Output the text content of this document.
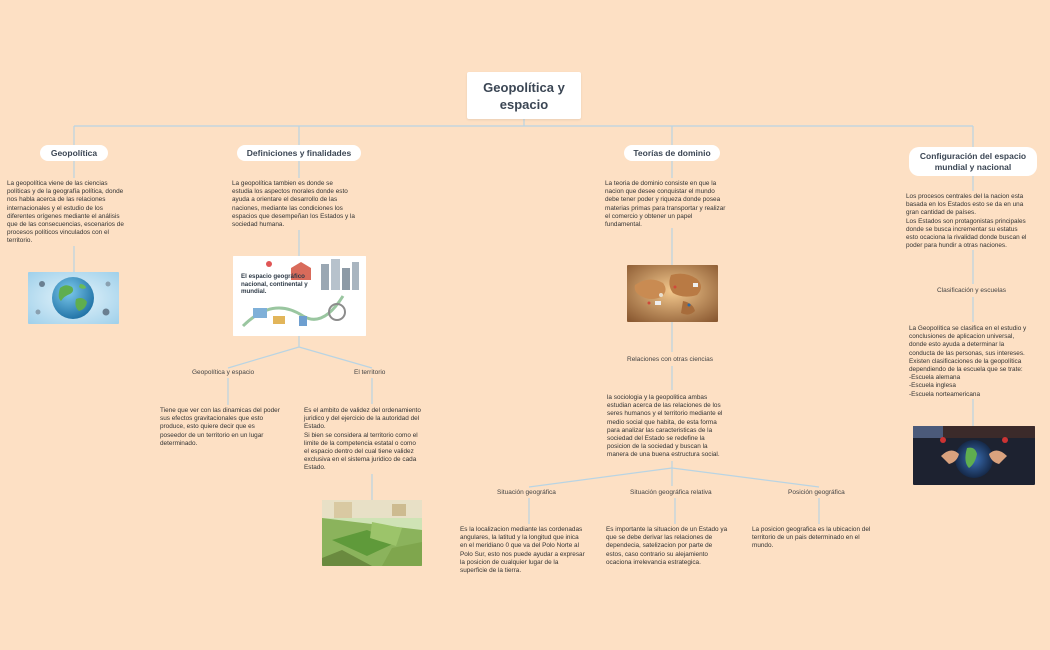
Geopolítica y espacio
Geopolítica
La geopolítica viene de las ciencias
políticas y de la geografía política, donde
nos habla acerca de las relaciones
internacionales y el estudio de los
diferentes orígenes mediante el análisis
que de las consecuencias, escenarios de
procesos políticos vinculados con el
territorio.
Definiciones y finalidades
La geopolítica tambien es donde se
estudia los aspectos morales donde esto
ayuda a orientare el desarrollo de las
naciones, mediante las condiciones los
espacios que desempeñan los Estados y la
sociedad humana.
El espacio geográfico
nacional, continental y
mundial.
Geopolítica y espacio	El territorio
Tiene que ver con las dinamicas del poder
sus efectos gravitacionales que esto
produce, esto quiere decir que es
poseedor de un territorio en un lugar
determinado.
Es el ambito de validez del ordenamiento
juridico y del ejercicio de la autoridad del
Estado.
Si bien se considera al territorio como el
limite de la competencia estatal o como
el espacio dentro del cual tiene validez
exclusiva en el sistema juridico de cada
Estado.
Teorías de dominio
La teoria de dominio consiste en que la
nacion que desee conquistar el mundo
debe tener poder y riqueza donde posea
materias primas para transportar y realizar
el comercio y obtener un papel
fundamental.
Relaciones con otras ciencias
la sociologia y la geopolitica ambas
estudian acerca de las relaciones de los
seres humanos y el territorio mediante el
medio social que habita, de esta forma
para analizar las caracteristicas de la
sociedad del Estado se redefine la
posicion de la sociedad y buscan la
manera de una buena estructura social.
Situación geográfica	Situación geográfica relativa	Posición geográfica
Es la localizacion mediante las cordenadas
angulares, la latitud y la longitud que inica
en el meridiano 0 que va del Polo Norte al
Polo Sur, esto nos puede ayudar a expresar
la posicion de cualquier lugar de la
superficie de la tierra.
Es importante la situacion de un Estado ya
que se debe derivar las relaciones de
dependecia, satelizacion por parte de
estos, caso contrario su alejamiento
ocaciona irrelevancia estrategica.
La posicion geografica es la ubicacion del
territorio de un pais determinado en el
mundo.
Configuración del espacio
mundial y nacional
Los procesos centrales del la nacion esta
basada en los Estados esto se da en una
gran cantidad de países.
Los Estados son protagonistas principales
donde se busca incrementar su estatus
esto ocaciona la rivalidad donde buscan el
poder para hundir a otras naciones.
Clasificación y escuelas
La Geopolítica se clasifica en el estudio y
conclusiones de aplicacion universal,
donde esto ayuda a determinar la
conducta de las personas, sus intereses.
Existen clasificaciones de la geopolítica
dependiendo de la escuela que se trate:
-Escuela alemana
-Escuela inglesa
-Escuela norteamericana
